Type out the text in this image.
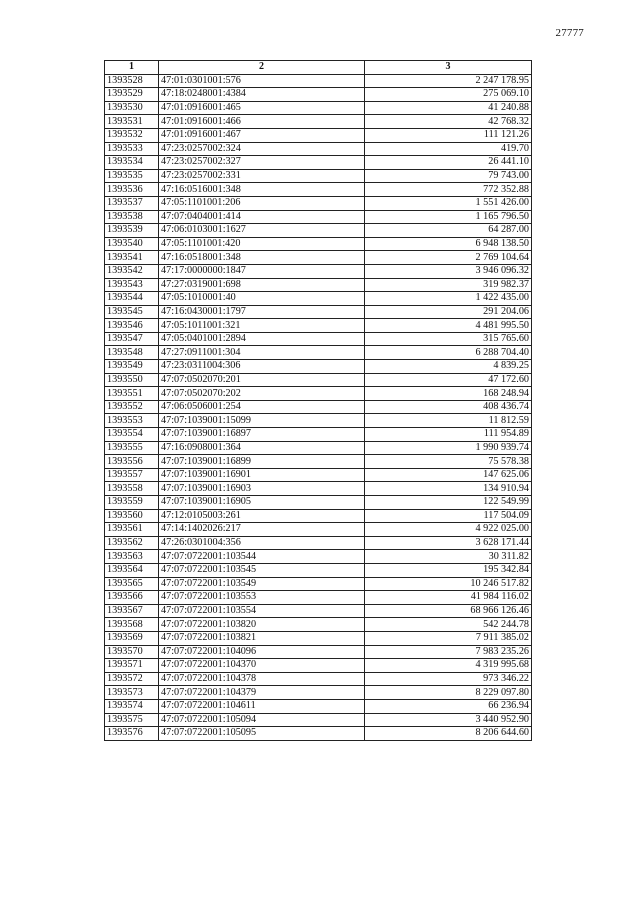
27777
1	2	3
1393528	47:01:0301001:576	2 247 178.95
1393529	47:18:0248001:4384	275 069.10
1393530	47:01:0916001:465	41 240.88
1393531	47:01:0916001:466	42 768.32
1393532	47:01:0916001:467	111 121.26
1393533	47:23:0257002:324	419.70
1393534	47:23:0257002:327	26 441.10
1393535	47:23:0257002:331	79 743.00
1393536	47:16:0516001:348	772 352.88
1393537	47:05:1101001:206	1 551 426.00
1393538	47:07:0404001:414	1 165 796.50
1393539	47:06:0103001:1627	64 287.00
1393540	47:05:1101001:420	6 948 138.50
1393541	47:16:0518001:348	2 769 104.64
1393542	47:17:0000000:1847	3 946 096.32
1393543	47:27:0319001:698	319 982.37
1393544	47:05:1010001:40	1 422 435.00
1393545	47:16:0430001:1797	291 204.06
1393546	47:05:1011001:321	4 481 995.50
1393547	47:05:0401001:2894	315 765.60
1393548	47:27:0911001:304	6 288 704.40
1393549	47:23:0311004:306	4 839.25
1393550	47:07:0502070:201	47 172.60
1393551	47:07:0502070:202	168 248.94
1393552	47:06:0506001:254	408 436.74
1393553	47:07:1039001:15099	11 812.59
1393554	47:07:1039001:16897	111 954.89
1393555	47:16:0908001:364	1 990 939.74
1393556	47:07:1039001:16899	75 578.38
1393557	47:07:1039001:16901	147 625.06
1393558	47:07:1039001:16903	134 910.94
1393559	47:07:1039001:16905	122 549.99
1393560	47:12:0105003:261	117 504.09
1393561	47:14:1402026:217	4 922 025.00
1393562	47:26:0301004:356	3 628 171.44
1393563	47:07:0722001:103544	30 311.82
1393564	47:07:0722001:103545	195 342.84
1393565	47:07:0722001:103549	10 246 517.82
1393566	47:07:0722001:103553	41 984 116.02
1393567	47:07:0722001:103554	68 966 126.46
1393568	47:07:0722001:103820	542 244.78
1393569	47:07:0722001:103821	7 911 385.02
1393570	47:07:0722001:104096	7 983 235.26
1393571	47:07:0722001:104370	4 319 995.68
1393572	47:07:0722001:104378	973 346.22
1393573	47:07:0722001:104379	8 229 097.80
1393574	47:07:0722001:104611	66 236.94
1393575	47:07:0722001:105094	3 440 952.90
1393576	47:07:0722001:105095	8 206 644.60
